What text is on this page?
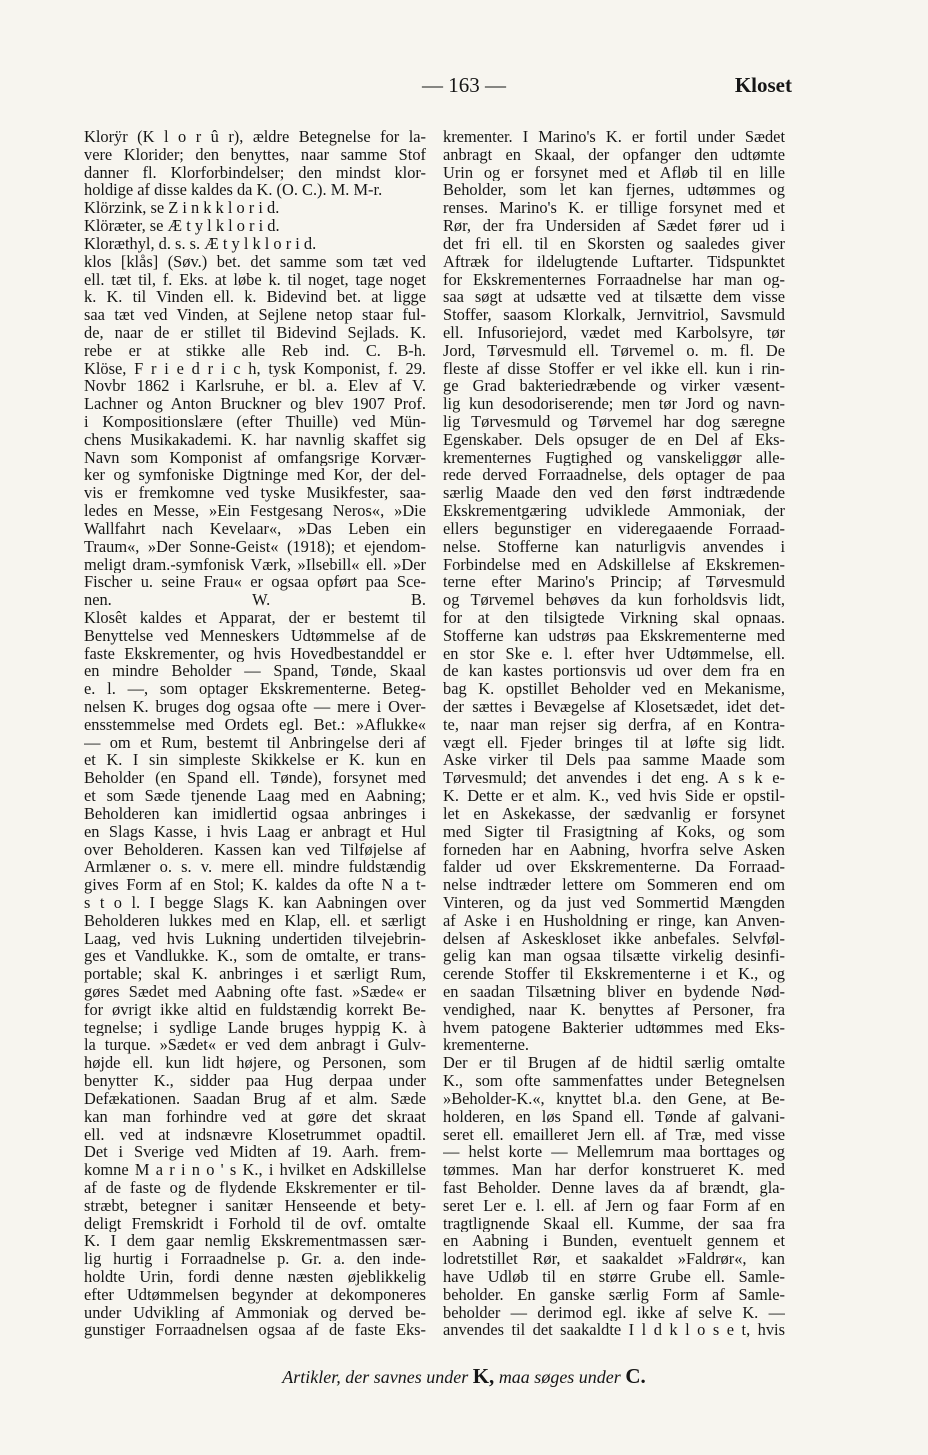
— 163 —	Kloset
Klorÿr (K l o r û r), ældre Betegnelse for la-
vere Klorider; den benyttes, naar samme Stof
danner fl. Klorforbindelser; den mindst klor-
holdige af disse kaldes da K. (O. C.). M. M-r.
Klörzink, se Z i n k k l o r i d.
Klöræter, se Æ t y l k l o r i d.
Kloræthyl, d. s. s. Æ t y l k l o r i d.
klos [klås] (Søv.) bet. det samme som tæt ved
ell. tæt til, f. Eks. at løbe k. til noget, tage noget
k. K. til Vinden ell. k. Bidevind bet. at ligge
saa tæt ved Vinden, at Sejlene netop staar ful-
de, naar de er stillet til Bidevind Sejlads. K.
rebe er at stikke alle Reb ind. C. B-h.
Klöse, F r i e d r i c h, tysk Komponist, f. 29.
Novbr 1862 i Karlsruhe, er bl. a. Elev af V.
Lachner og Anton Bruckner og blev 1907 Prof.
i Kompositionslære (efter Thuille) ved Mün-
chens Musikakademi. K. har navnlig skaffet sig
Navn som Komponist af omfangsrige Korvær-
ker og symfoniske Digtninge med Kor, der del-
vis er fremkomne ved tyske Musikfester, saa-
ledes en Messe, »Ein Festgesang Neros«, »Die
Wallfahrt nach Kevelaar«, »Das Leben ein
Traum«, »Der Sonne-Geist« (1918); et ejendom-
meligt dram.-symfonisk Værk, »Ilsebill« ell. »Der
Fischer u. seine Frau« er ogsaa opført paa Sce-
nen. W. B.
Klosêt kaldes et Apparat, der er bestemt til
Benyttelse ved Menneskers Udtømmelse af de
faste Ekskrementer, og hvis Hovedbestanddel er
en mindre Beholder — Spand, Tønde, Skaal
e. l. —, som optager Ekskrementerne. Beteg-
nelsen K. bruges dog ogsaa ofte — mere i Over-
ensstemmelse med Ordets egl. Bet.: »Aflukke«
— om et Rum, bestemt til Anbringelse deri af
et K. I sin simpleste Skikkelse er K. kun en
Beholder (en Spand ell. Tønde), forsynet med
et som Sæde tjenende Laag med en Aabning;
Beholderen kan imidlertid ogsaa anbringes i
en Slags Kasse, i hvis Laag er anbragt et Hul
over Beholderen. Kassen kan ved Tilføjelse af
Armlæner o. s. v. mere ell. mindre fuldstændig
gives Form af en Stol; K. kaldes da ofte N a t-
s t o l. I begge Slags K. kan Aabningen over
Beholderen lukkes med en Klap, ell. et særligt
Laag, ved hvis Lukning undertiden tilvejebrin-
ges et Vandlukke. K., som de omtalte, er trans-
portable; skal K. anbringes i et særligt Rum,
gøres Sædet med Aabning ofte fast. »Sæde« er
for øvrigt ikke altid en fuldstændig korrekt Be-
tegnelse; i sydlige Lande bruges hyppig K. à
la turque. »Sædet« er ved dem anbragt i Gulv-
højde ell. kun lidt højere, og Personen, som
benytter K., sidder paa Hug derpaa under
Defækationen. Saadan Brug af et alm. Sæde
kan man forhindre ved at gøre det skraat
ell. ved at indsnævre Klosetrummet opadtil.
Det i Sverige ved Midten af 19. Aarh. frem-
komne M a r i n o ' s K., i hvilket en Adskillelse
af de faste og de flydende Ekskrementer er til-
stræbt, betegner i sanitær Henseende et bety-
deligt Fremskridt i Forhold til de ovf. omtalte
K. I dem gaar nemlig Ekskrementmassen sær-
lig hurtig i Forraadnelse p. Gr. a. den inde-
holdte Urin, fordi denne næsten øjeblikkelig
efter Udtømmelsen begynder at dekomponeres
under Udvikling af Ammoniak og derved be-
gunstiger Forraadnelsen ogsaa af de faste Eks-
krementer. I Marino's K. er fortil under Sædet
anbragt en Skaal, der opfanger den udtømte
Urin og er forsynet med et Afløb til en lille
Beholder, som let kan fjernes, udtømmes og
renses. Marino's K. er tillige forsynet med et
Rør, der fra Undersiden af Sædet fører ud i
det fri ell. til en Skorsten og saaledes giver
Aftræk for ildelugtende Luftarter. Tidspunktet
for Ekskrementernes Forraadnelse har man og-
saa søgt at udsætte ved at tilsætte dem visse
Stoffer, saasom Klorkalk, Jernvitriol, Savsmuld
ell. Infusoriejord, vædet med Karbolsyre, tør
Jord, Tørvesmuld ell. Tørvemel o. m. fl. De
fleste af disse Stoffer er vel ikke ell. kun i rin-
ge Grad bakteriedræbende og virker væsent-
lig kun desodoriserende; men tør Jord og navn-
lig Tørvesmuld og Tørvemel har dog særegne
Egenskaber. Dels opsuger de en Del af Eks-
krementernes Fugtighed og vanskeliggør alle-
rede derved Forraadnelse, dels optager de paa
særlig Maade den ved den først indtrædende
Ekskrementgæring udviklede Ammoniak, der
ellers begunstiger en videregaaende Forraad-
nelse. Stofferne kan naturligvis anvendes i
Forbindelse med en Adskillelse af Ekskremen-
terne efter Marino's Princip; af Tørvesmuld
og Tørvemel behøves da kun forholdsvis lidt,
for at den tilsigtede Virkning skal opnaas.
Stofferne kan udstrøs paa Ekskrementerne med
en stor Ske e. l. efter hver Udtømmelse, ell.
de kan kastes portionsvis ud over dem fra en
bag K. opstillet Beholder ved en Mekanisme,
der sættes i Bevægelse af Klosetsædet, idet det-
te, naar man rejser sig derfra, af en Kontra-
vægt ell. Fjeder bringes til at løfte sig lidt.
Aske virker til Dels paa samme Maade som
Tørvesmuld; det anvendes i det eng. A s k e-
K. Dette er et alm. K., ved hvis Side er opstil-
let en Askekasse, der sædvanlig er forsynet
med Sigter til Frasigtning af Koks, og som
forneden har en Aabning, hvorfra selve Asken
falder ud over Ekskrementerne. Da Forraad-
nelse indtræder lettere om Sommeren end om
Vinteren, og da just ved Sommertid Mængden
af Aske i en Husholdning er ringe, kan Anven-
delsen af Askeskloset ikke anbefales. Selvføl-
gelig kan man ogsaa tilsætte virkelig desinfi-
cerende Stoffer til Ekskrementerne i et K., og
en saadan Tilsætning bliver en bydende Nød-
vendighed, naar K. benyttes af Personer, fra
hvem patogene Bakterier udtømmes med Eks-
krementerne.
Der er til Brugen af de hidtil særlig omtalte
K., som ofte sammenfattes under Betegnelsen
»Beholder-K.«, knyttet bl.a. den Gene, at Be-
holderen, en løs Spand ell. Tønde af galvani-
seret ell. emailleret Jern ell. af Træ, med visse
— helst korte — Mellemrum maa borttages og
tømmes. Man har derfor konstrueret K. med
fast Beholder. Denne laves da af brændt, gla-
seret Ler e. l. ell. af Jern og faar Form af en
tragtlignende Skaal ell. Kumme, der saa fra
en Aabning i Bunden, eventuelt gennem et
lodretstillet Rør, et saakaldet »Faldrør«, kan
have Udløb til en større Grube ell. Samle-
beholder. En ganske særlig Form af Samle-
beholder — derimod egl. ikke af selve K. —
anvendes til det saakaldte I l d k l o s e t, hvis
Artikler, der savnes under K, maa søges under C.
